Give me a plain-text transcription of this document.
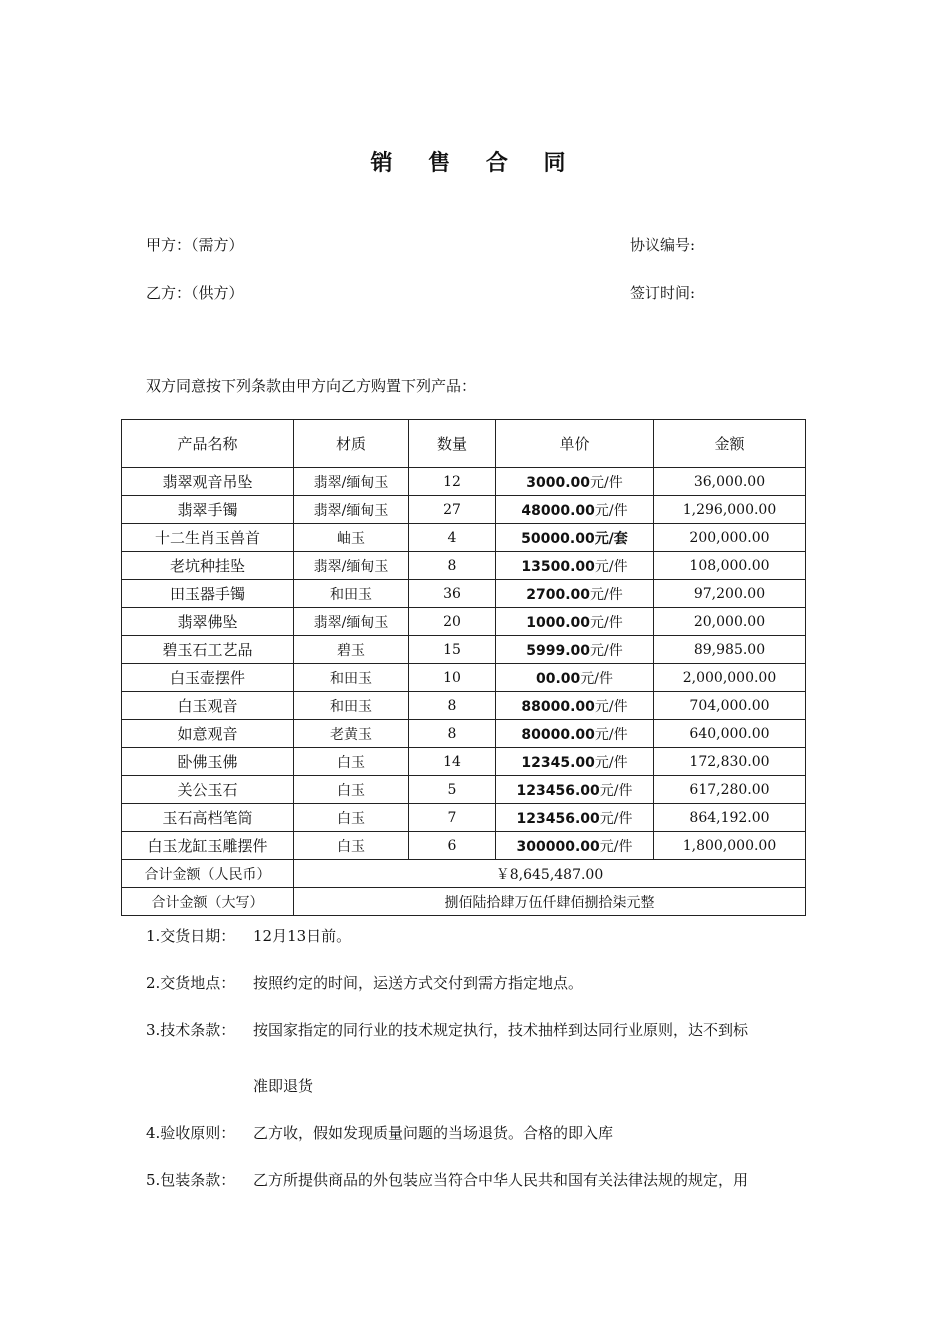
销 售 合 同
甲方：（需方）	协议编号:
乙方：（供方）	签订时间:
双方同意按下列条款由甲方向乙方购置下列产品：
产品名称	材质	数量	单价	金额
翡翠观音吊坠	翡翠/缅甸玉	12	3000.00元/件	36,000.00
翡翠手镯	翡翠/缅甸玉	27	48000.00元/件	1,296,000.00
十二生肖玉兽首	岫玉	4	50000.00元/套	200,000.00
老坑种挂坠	翡翠/缅甸玉	8	13500.00元/件	108,000.00
田玉器手镯	和田玉	36	2700.00元/件	97,200.00
翡翠佛坠	翡翠/缅甸玉	20	1000.00元/件	20,000.00
碧玉石工艺品	碧玉	15	5999.00元/件	89,985.00
白玉壶摆件	和田玉	10	00.00元/件	2,000,000.00
白玉观音	和田玉	8	88000.00元/件	704,000.00
如意观音	老黄玉	8	80000.00元/件	640,000.00
卧佛玉佛	白玉	14	12345.00元/件	172,830.00
关公玉石	白玉	5	123456.00元/件	617,280.00
玉石高档笔筒	白玉	7	123456.00元/件	864,192.00
白玉龙缸玉雕摆件	白玉	6	300000.00元/件	1,800,000.00
合计金额（人民币）	￥8,645,487.00			
合计金额（大写）	捌佰陆拾肆万伍仟肆佰捌拾柒元整			
1.交货日期：	12月13日前。
2.交货地点：	按照约定的时间，运送方式交付到需方指定地点。
3.技术条款：	按国家指定的同行业的技术规定执行，技术抽样到达同行业原则，达不到标
准即退货
4.验收原则：	乙方收，假如发现质量问题的当场退货。合格的即入库
5.包装条款：	乙方所提供商品的外包装应当符合中华人民共和国有关法律法规的规定，用
